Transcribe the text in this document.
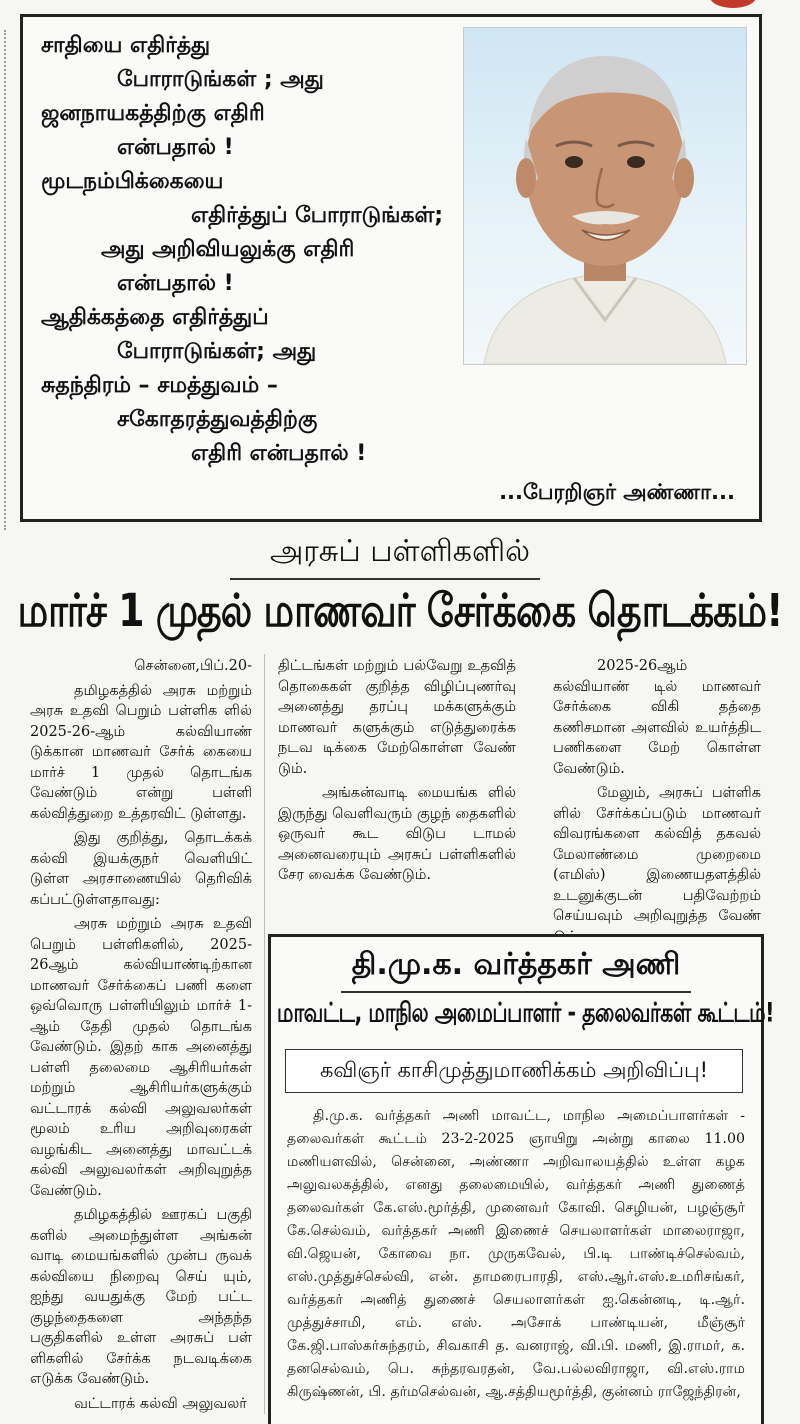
சாதியை எதிர்த்து
போராடுங்கள் ; அது
ஜனநாயகத்திற்கு எதிரி
என்பதால் !
மூடநம்பிக்கையை
எதிர்த்துப் போராடுங்கள்;
அது அறிவியலுக்கு எதிரி
என்பதால் !
ஆதிக்கத்தை எதிர்த்துப்
போராடுங்கள்; அது
சுதந்திரம் – சமத்துவம் –
சகோதரத்துவத்திற்கு
எதிரி என்பதால் !
...பேரறிஞர் அண்ணா...
அரசுப் பள்ளிகளில்
மார்ச் 1 முதல் மாணவர் சேர்க்கை தொடக்கம்!

சென்னை,பிப்.20-

தமிழகத்தில் அரசு மற்றும் அரசு உதவி பெறும் பள்ளிக ளில் 2025-26-ஆம் கல்வியாண் டுக்கான மாணவர் சேர்க் கையை மார்ச் 1 முதல் தொடங்க வேண்டும் என்று பள்ளி கல்வித்துறை உத்தரவிட் டுள்ளது.

இது குறித்து, தொடக்கக் கல்வி இயக்குநர் வெளியிட் டுள்ள அரசாணையில் தெரிவிக் கப்பட்டுள்ளதாவது:

அரசு மற்றும் அரசு உதவி பெறும் பள்ளிகளில், 2025-26ஆம் கல்வியாண்டிற்கான மாணவர் சேர்க்கைப் பணி களை ஒவ்வொரு பள்ளியிலும் மார்ச் 1-ஆம் தேதி முதல் தொடங்க வேண்டும். இதற் காக அனைத்து பள்ளி தலைமை ஆசிரியர்கள் மற்றும் ஆசிரியர்களுக்கும் வட்டாரக் கல்வி அலுவலர்கள் மூலம் உரிய அறிவுரைகள் வழங்கிட அனைத்து மாவட்டக் கல்வி அலுவலர்கள் அறிவுறுத்த வேண்டும்.

தமிழகத்தில் ஊரகப் பகுதி களில் அமைந்துள்ள அங்கன் வாடி மையங்களில் முன்ப ருவக் கல்வியை நிறைவு செய் யும், ஐந்து வயதுக்கு மேற் பட்ட குழந்தைகளை அந்தந்த பகுதிகளில் உள்ள அரசுப் பள் ளிகளில் சேர்க்க நடவடிக்கை எடுக்க வேண்டும்.

வட்டாரக் கல்வி அலுவலர்

திட்டங்கள் மற்றும் பல்வேறு உதவித் தொகைகள் குறித்த விழிப்புணர்வு அனைத்து தரப்பு மக்களுக்கும் மாணவர் களுக்கும் எடுத்துரைக்க நடவ டிக்கை மேற்கொள்ள வேண் டும்.

அங்கன்வாடி மையங்க ளில் இருந்து வெளிவரும் குழந் தைகளில் ஒருவர் கூட விடுப டாமல் அனைவரையும் அரசுப் பள்ளிகளில் சேர வைக்க வேண்டும்.

2025-26ஆம் கல்வியாண் டில் மாணவர் சேர்க்கை விகி தத்தை கணிசமான அளவில் உயர்த்திட பணிகளை மேற் கொள்ள வேண்டும்.

மேலும், அரசுப் பள்ளிக ளில் சேர்க்கப்படும் மாணவர் விவரங்களை கல்வித் தகவல் மேலாண்மை முறைமை (எமிஸ்) இணையதளத்தில் உடனுக்குடன் பதிவேற்றம் செய்யவும் அறிவுறுத்த வேண்

தி.மு.க. வர்த்தகர் அணி
மாவட்ட, மாநில அமைப்பாளர் - தலைவர்கள் கூட்டம்!
கவிஞர் காசிமுத்துமாணிக்கம் அறிவிப்பு!

தி.மு.க. வர்த்தகர் அணி மாவட்ட, மாநில அமைப்பாளர்கள் - தலைவர்கள் கூட்டம் 23-2-2025 ஞாயிறு அன்று காலை 11.00 மணியளவில், சென்னை, அண்ணா அறிவாலயத்தில் உள்ள கழக அலுவலகத்தில், எனது தலைமையில், வர்த்தகர் அணி துணைத் தலைவர்கள் கே.எஸ்.மூர்த்தி, முனைவர் கோவி. செழியன், பழஞ்சூர் கே.செல்வம், வர்த்தகர் அணி இணைச் செயலாளர்கள் மாலைராஜா, வி.ஜெயன், கோவை நா. முருகவேல், பி.டி பாண்டிச்செல்வம், எஸ்.முத்துச்செல்வி, என். தாமரைபாரதி, எஸ்.ஆர்.எஸ்.உமரிசங்கர், வர்த்தகர் அணித் துணைச் செயலாளர்கள் ஐ.கென்னடி, டி.ஆர். முத்துச்சாமி, எம். எஸ். அசோக் பாண்டியன், மீஞ்சூர் கே.ஜி.பாஸ்கர்சுந்தரம், சிவகாசி த. வனராஜ், வி.பி. மணி, இ.ராமர், க. தனசெல்வம், பெ. சுந்தரவரதன், வே.பல்லவிராஜா, வி.எஸ்.ராம கிருஷ்ணன், பி. தர்மசெல்வன், ஆ.சத்தியமூர்த்தி, குன்னம் ராஜேந்திரன்,
